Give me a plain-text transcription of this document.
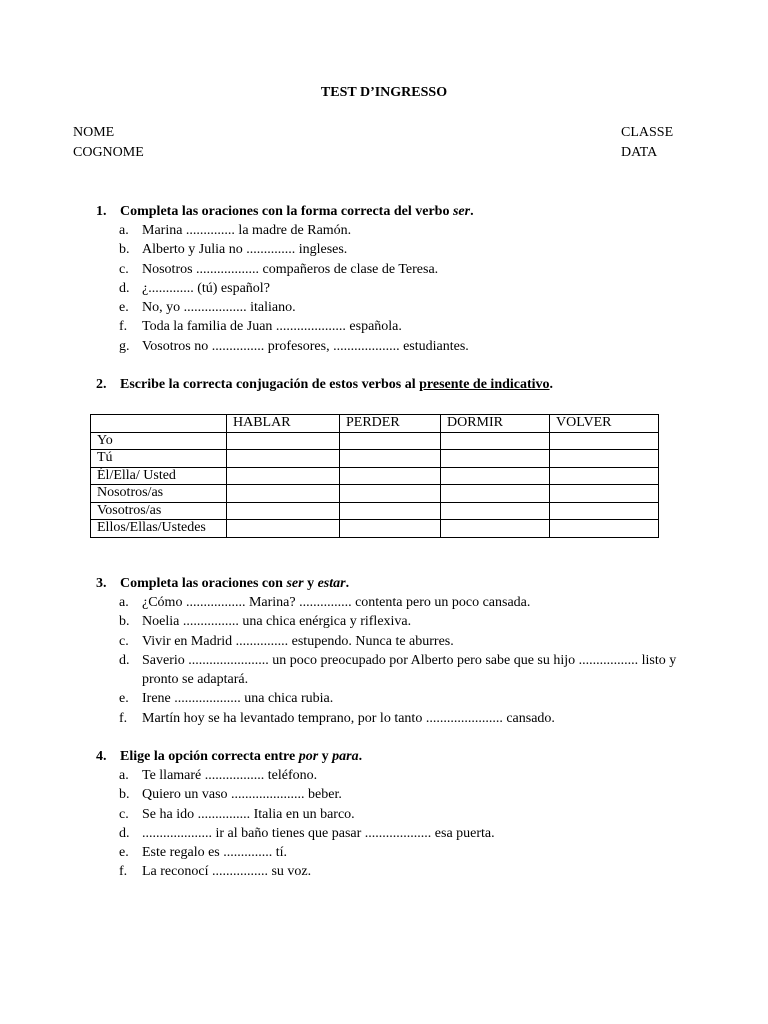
TEST D’INGRESSO
NOME
COGNOME
CLASSE
DATA
1. Completa las oraciones con la forma correcta del verbo ser.
a. Marina .............. la madre de Ramón.
b. Alberto y Julia no .............. ingleses.
c. Nosotros .................. compañeros de clase de Teresa.
d. ¿............. (tú) español?
e. No, yo .................. italiano.
f. Toda la familia de Juan .................... española.
g. Vosotros no ............... profesores, ................... estudiantes.
2. Escribe la correcta conjugación de estos verbos al presente de indicativo.
	HABLAR	PERDER	DORMIR	VOLVER
Yo				
Tú				
Él/Ella/ Usted				
Nosotros/as				
Vosotros/as				
Ellos/Ellas/Ustedes				
3. Completa las oraciones con ser y estar.
a. ¿Cómo ................. Marina? ............... contenta pero un poco cansada.
b. Noelia ................ una chica enérgica y riflexiva.
c. Vivir en Madrid ............... estupendo. Nunca te aburres.
d. Saverio ....................... un poco preocupado por Alberto pero sabe que su hijo ................. listo y pronto se adaptará.
e. Irene ................... una chica rubia.
f. Martín hoy se ha levantado temprano, por lo tanto ...................... cansado.
4. Elige la opción correcta entre por y para.
a. Te llamaré ................. teléfono.
b. Quiero un vaso ..................... beber.
c. Se ha ido ............... Italia en un barco.
d. .................... ir al baño tienes que pasar ................... esa puerta.
e. Este regalo es .............. tí.
f. La reconocí ................ su voz.
